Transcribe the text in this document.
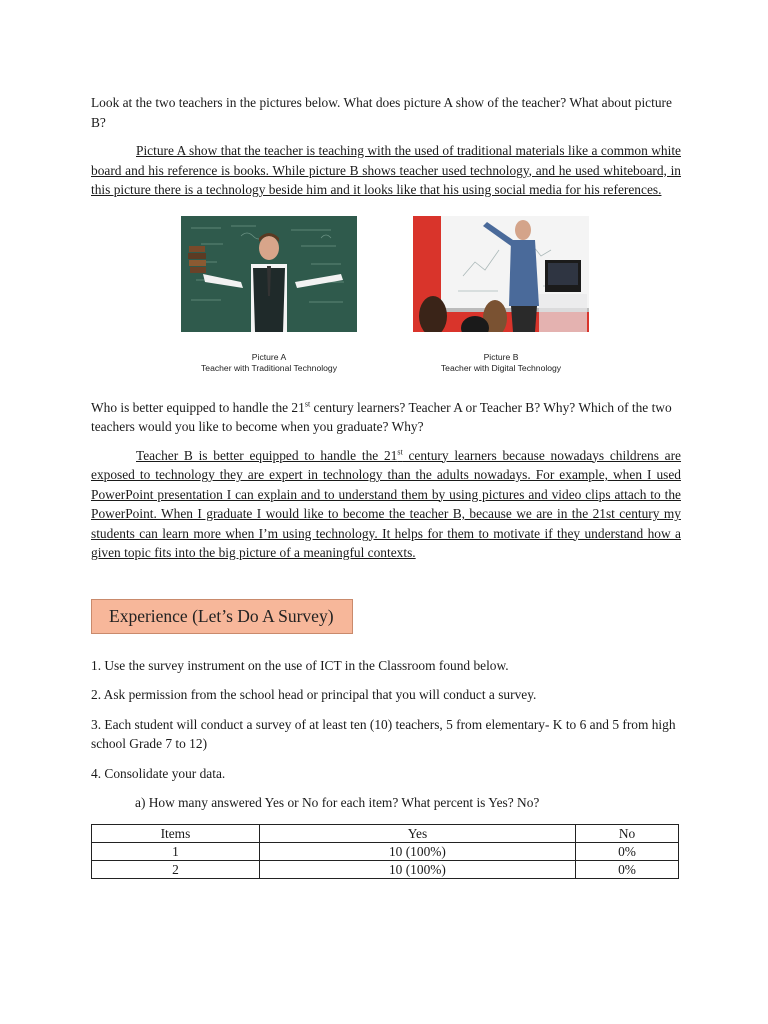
Look at the two teachers in the pictures below. What does picture A show of the teacher? What about picture B?

Picture A show that the teacher is teaching with the used of traditional materials like a common white board and his reference is books. While picture B shows teacher used technology, and he used whiteboard, in this picture there is a technology beside him and it looks like that his using social media for his references.

Picture A
Teacher with Traditional Technology
Picture B
Teacher with Digital Technology

Who is better equipped to handle the 21st century learners? Teacher A or Teacher B? Why? Which of the two teachers would you like to become when you graduate? Why?

Teacher B is better equipped to handle the 21st century learners because nowadays childrens are exposed to technology they are expert in technology than the adults nowadays. For example, when I used PowerPoint presentation I can explain and to understand them by using pictures and video clips attach to the PowerPoint. When I graduate I would like to become the teacher B, because we are in the 21st century my students can learn more when I’m using technology. It helps for them to motivate if they understand how a given topic fits into the big picture of a meaningful contexts.

Experience (Let’s Do A Survey)

1. Use the survey instrument on the use of ICT in the Classroom found below.

2. Ask permission from the school head or principal that you will conduct a survey.

3. Each student will conduct a survey of at least ten (10) teachers, 5 from elementary- K to 6 and 5 from high school Grade 7 to 12)

4. Consolidate your data.

a) How many answered Yes or No for each item? What percent is Yes? No?

Items	Yes	No
1	10 (100%)	0%
2	10 (100%)	0%
